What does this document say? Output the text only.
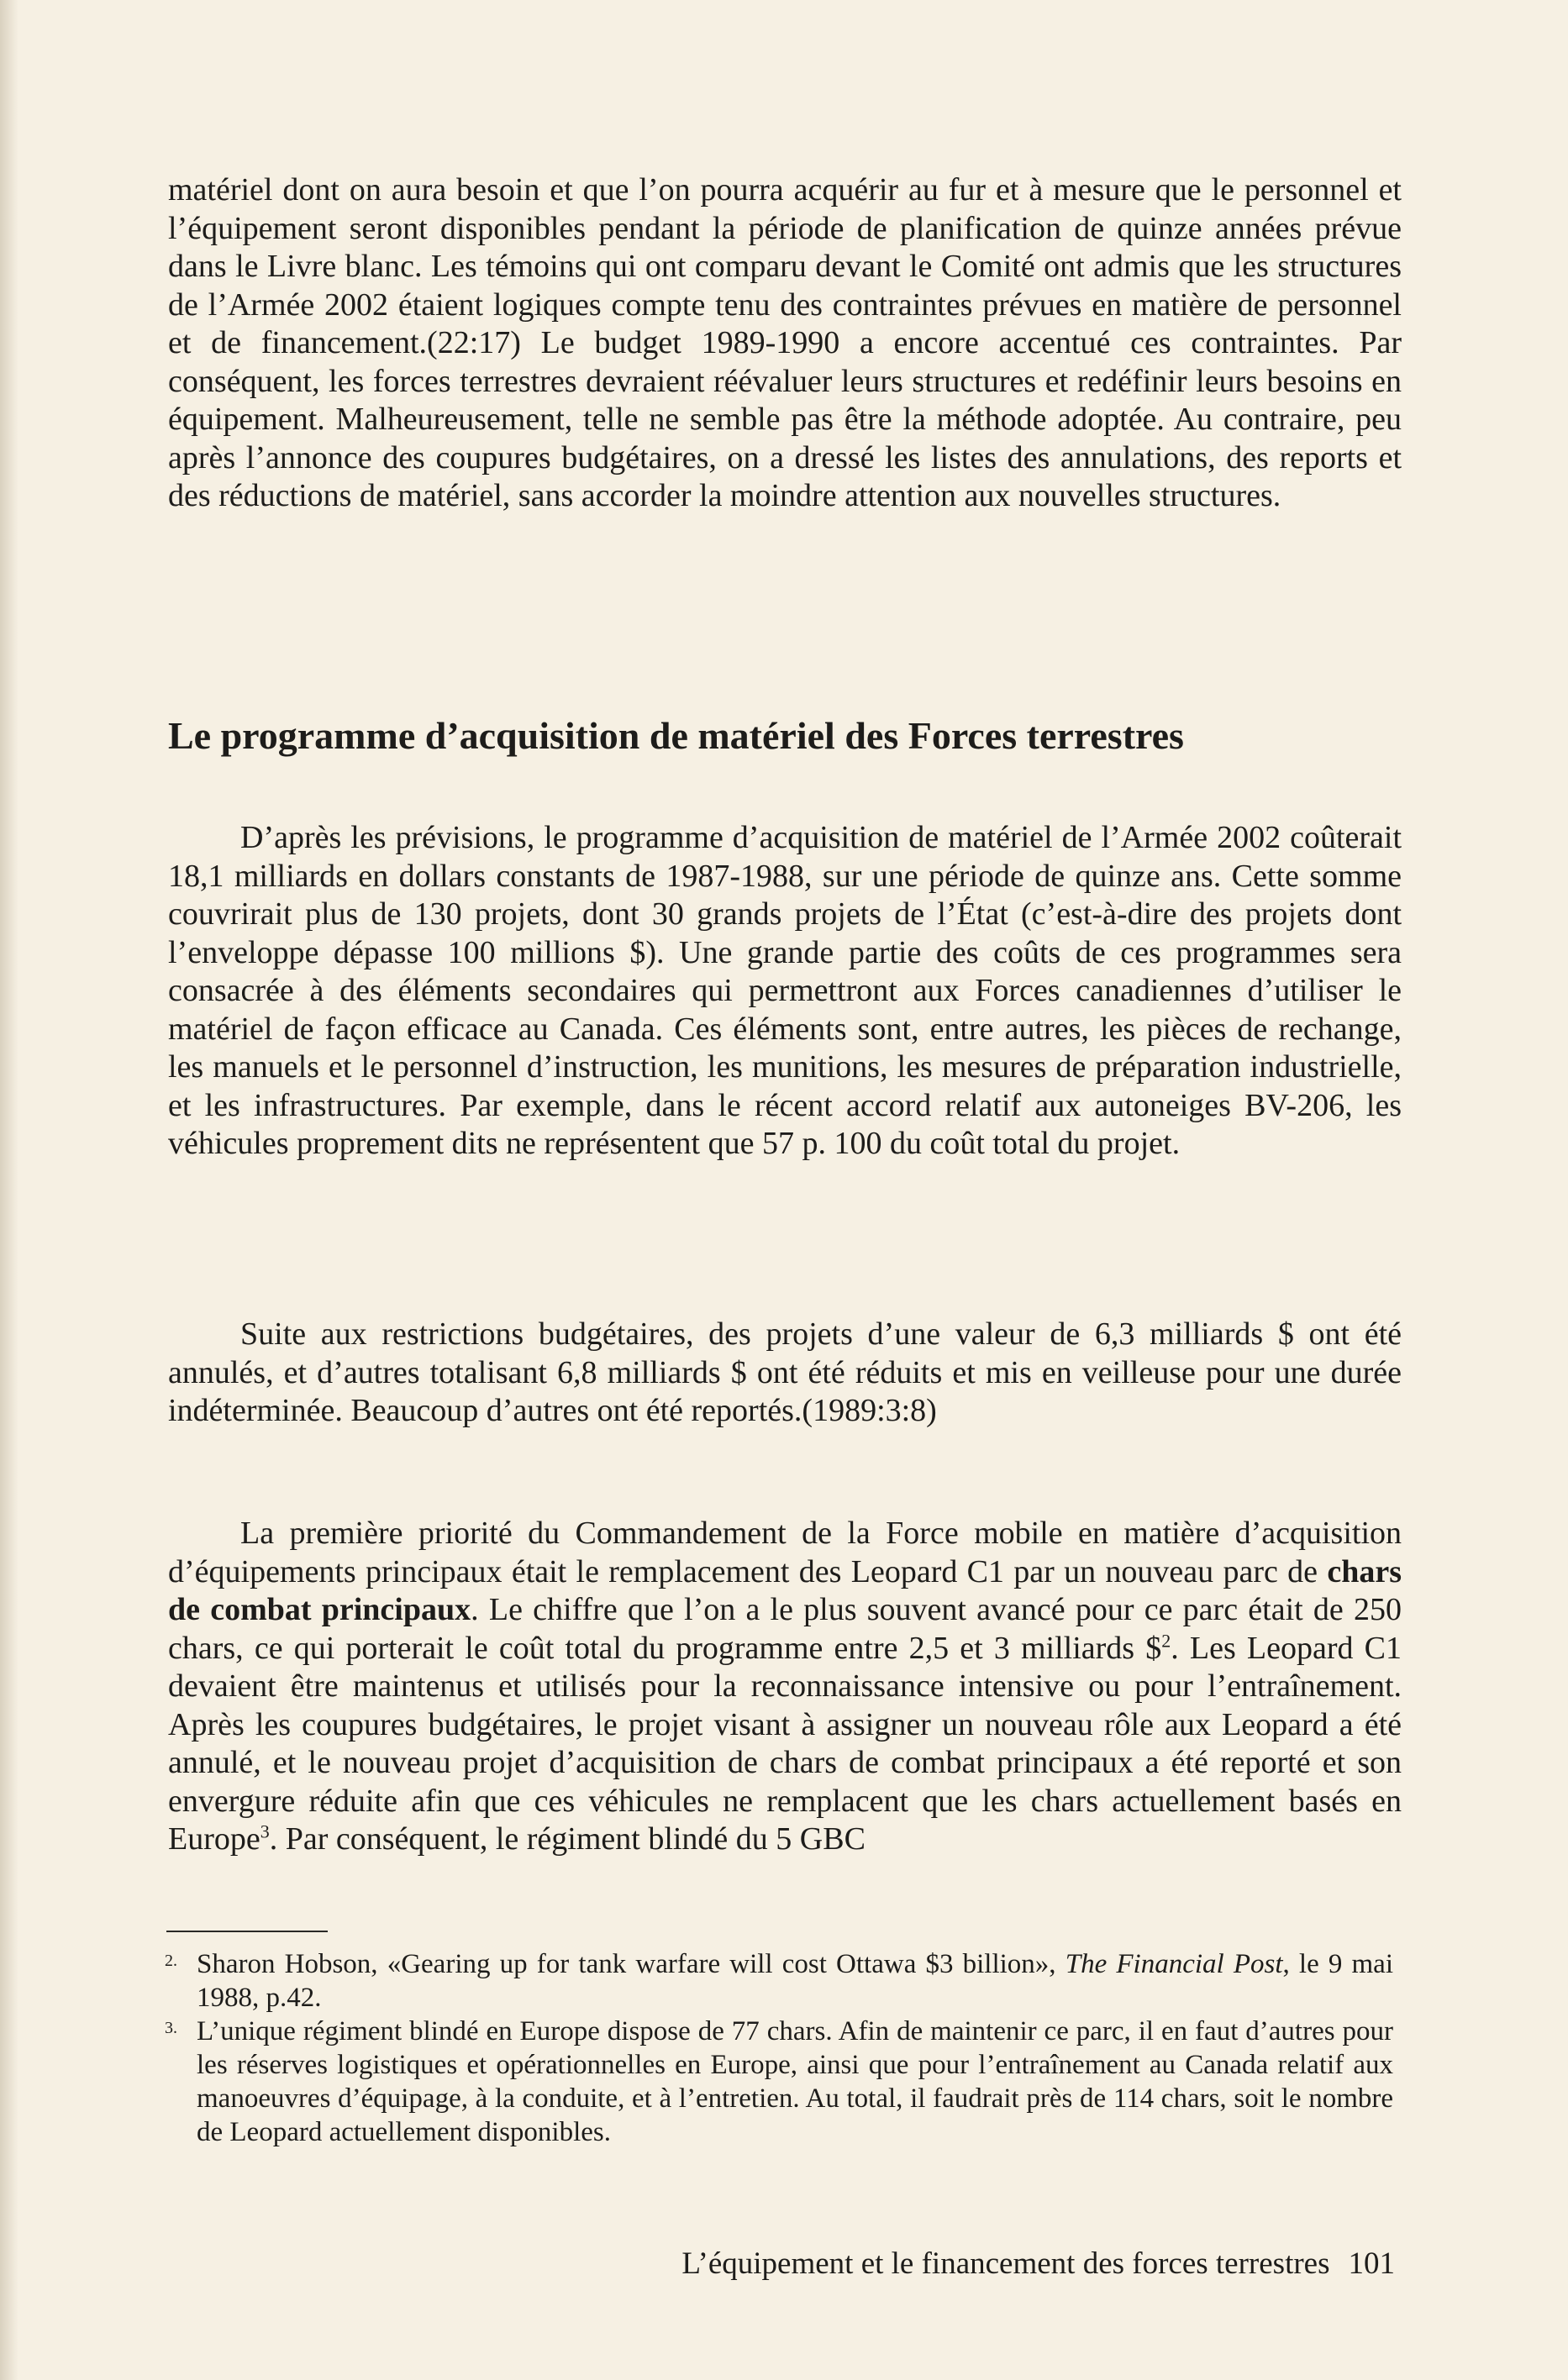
matériel dont on aura besoin et que l’on pourra acquérir au fur et à mesure que le personnel et l’équipement seront disponibles pendant la période de planification de quinze années prévue dans le Livre blanc. Les témoins qui ont comparu devant le Comité ont admis que les structures de l’Armée 2002 étaient logiques compte tenu des contraintes prévues en matière de personnel et de financement.(22:17) Le budget 1989-1990 a encore accentué ces contraintes. Par conséquent, les forces terrestres devraient réévaluer leurs structures et redéfinir leurs besoins en équipement. Malheureusement, telle ne semble pas être la méthode adoptée. Au contraire, peu après l’annonce des coupures budgétaires, on a dressé les listes des annulations, des reports et des réductions de matériel, sans accorder la moindre attention aux nouvelles structures.

Le programme d’acquisition de matériel des Forces terrestres

D’après les prévisions, le programme d’acquisition de matériel de l’Armée 2002 coûterait 18,1 milliards en dollars constants de 1987-1988, sur une période de quinze ans. Cette somme couvrirait plus de 130 projets, dont 30 grands projets de l’État (c’est-à-dire des projets dont l’enveloppe dépasse 100 millions $). Une grande partie des coûts de ces programmes sera consacrée à des éléments secondaires qui permettront aux Forces canadiennes d’utiliser le matériel de façon efficace au Canada. Ces éléments sont, entre autres, les pièces de rechange, les manuels et le personnel d’instruction, les munitions, les mesures de préparation industrielle, et les infrastructures. Par exemple, dans le récent accord relatif aux autoneiges BV-206, les véhicules proprement dits ne représentent que 57 p. 100 du coût total du projet.

Suite aux restrictions budgétaires, des projets d’une valeur de 6,3 milliards $ ont été annulés, et d’autres totalisant 6,8 milliards $ ont été réduits et mis en veilleuse pour une durée indéterminée. Beaucoup d’autres ont été reportés.(1989:3:8)

La première priorité du Commandement de la Force mobile en matière d’acquisition d’équipements principaux était le remplacement des Leopard C1 par un nouveau parc de chars de combat principaux. Le chiffre que l’on a le plus souvent avancé pour ce parc était de 250 chars, ce qui porterait le coût total du programme entre 2,5 et 3 milliards \$$^2$. Les Leopard C1 devaient être maintenus et utilisés pour la reconnaissance intensive ou pour l’entraînement. Après les coupures budgétaires, le projet visant à assigner un nouveau rôle aux Leopard a été annulé, et le nouveau projet d’acquisition de chars de combat principaux a été reporté et son envergure réduite afin que ces véhicules ne remplacent que les chars actuellement basés en Europe$^3$. Par conséquent, le régiment blindé du 5 GBC

2. Sharon Hobson, «Gearing up for tank warfare will cost Ottawa $3 billion», The Financial Post, le 9 mai 1988, p.42.

3. L’unique régiment blindé en Europe dispose de 77 chars. Afin de maintenir ce parc, il en faut d’autres pour les réserves logistiques et opérationnelles en Europe, ainsi que pour l’entraînement au Canada relatif aux manoeuvres d’équipage, à la conduite, et à l’entretien. Au total, il faudrait près de 114 chars, soit le nombre de Leopard actuellement disponibles.

L’équipement et le financement des forces terrestres 101
